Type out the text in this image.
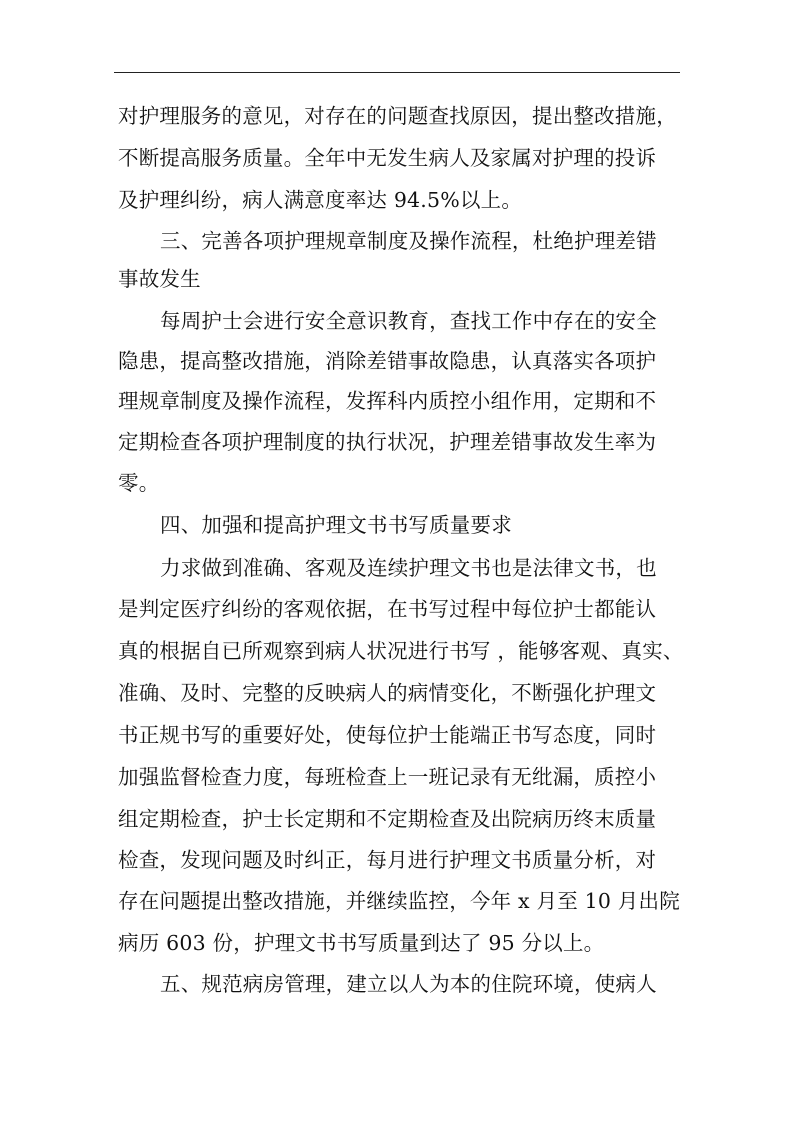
对护理服务的意见，对存在的问题查找原因，提出整改措施，
不断提高服务质量。全年中无发生病人及家属对护理的投诉
及护理纠纷，病人满意度率达 94.5%以上。
三、完善各项护理规章制度及操作流程，杜绝护理差错
事故发生
每周护士会进行安全意识教育，查找工作中存在的安全
隐患，提高整改措施，消除差错事故隐患，认真落实各项护
理规章制度及操作流程，发挥科内质控小组作用，定期和不
定期检查各项护理制度的执行状况，护理差错事故发生率为
零。
四、加强和提高护理文书书写质量要求
力求做到准确、客观及连续护理文书也是法律文书，也
是判定医疗纠纷的客观依据，在书写过程中每位护士都能认
真的根据自已所观察到病人状况进行书写 ，能够客观、真实、
准确、及时、完整的反映病人的病情变化，不断强化护理文
书正规书写的重要好处，使每位护士能端正书写态度，同时
加强监督检查力度，每班检查上一班记录有无纰漏，质控小
组定期检查，护士长定期和不定期检查及出院病历终末质量
检查，发现问题及时纠正，每月进行护理文书质量分析，对
存在问题提出整改措施，并继续监控，今年 x 月至 10 月出院
病历 603 份，护理文书书写质量到达了 95 分以上。
五、规范病房管理，建立以人为本的住院环境，使病人
